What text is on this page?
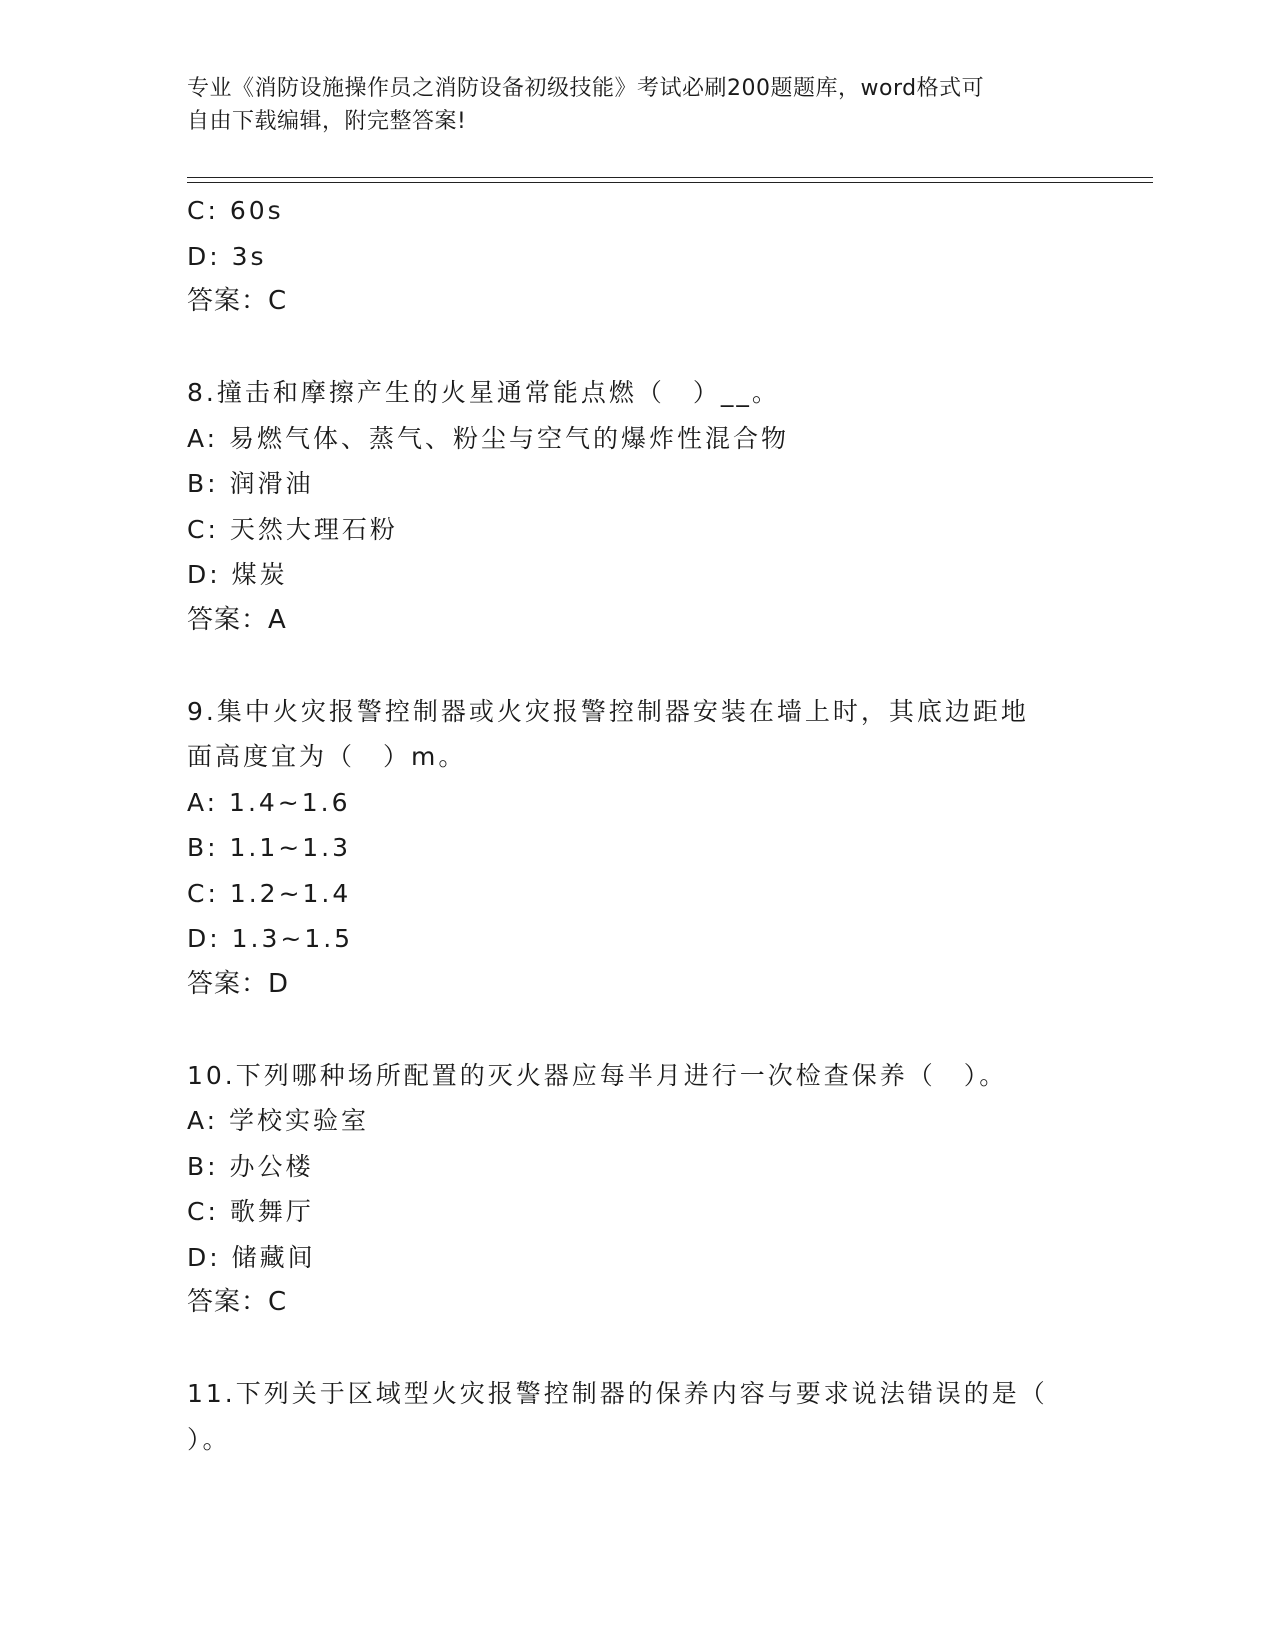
专业《消防设施操作员之消防设备初级技能》考试必刷200题题库，word格式可
自由下载编辑，附完整答案!
C: 60s
D: 3s
答案：C
8.撞击和摩擦产生的火星通常能点燃（　）__。
A: 易燃气体、蒸气、粉尘与空气的爆炸性混合物
B: 润滑油
C: 天然大理石粉
D: 煤炭
答案：A
9.集中火灾报警控制器或火灾报警控制器安装在墙上时，其底边距地
面高度宜为（　）m。
A: 1.4~1.6
B: 1.1~1.3
C: 1.2~1.4
D: 1.3~1.5
答案：D
10.下列哪种场所配置的灭火器应每半月进行一次检查保养（　）。
A: 学校实验室
B: 办公楼
C: 歌舞厅
D: 储藏间
答案：C
11.下列关于区域型火灾报警控制器的保养内容与要求说法错误的是（
）。
